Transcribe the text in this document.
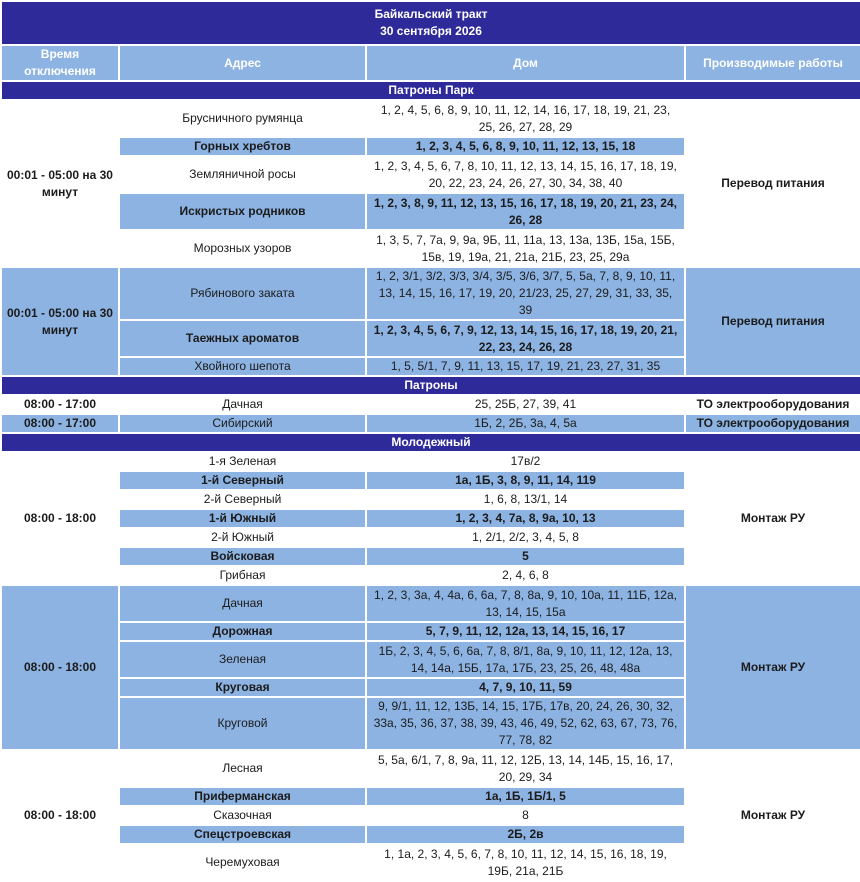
Байкальский тракт
30 сентября 2026			

Время отключения	Адрес	Дом	Производимые работы
Патроны Парк			
00:01 - 05:00 на 30 минут	Брусничного румянца	1, 2, 4, 5, 6, 8, 9, 10, 11, 12, 14, 16, 17, 18, 19, 21, 23, 25, 26, 27, 28, 29	Перевод питания
	Горных хребтов	1, 2, 3, 4, 5, 6, 8, 9, 10, 11, 12, 13, 15, 18	
	Земляничной росы	1, 2, 3, 4, 5, 6, 7, 8, 10, 11, 12, 13, 14, 15, 16, 17, 18, 19, 20, 22, 23, 24, 26, 27, 30, 34, 38, 40	
	Искристых родников	1, 2, 3, 8, 9, 11, 12, 13, 15, 16, 17, 18, 19, 20, 21, 23, 24, 26, 28	
	Морозных узоров	1, 3, 5, 7, 7а, 9, 9а, 9Б, 11, 11а, 13, 13а, 13Б, 15а, 15Б, 15в, 19, 19а, 21, 21а, 21Б, 23, 25, 29а	
00:01 - 05:00 на 30 минут	Рябинового заката	1, 2, 3/1, 3/2, 3/3, 3/4, 3/5, 3/6, 3/7, 5, 5а, 7, 8, 9, 10, 11, 13, 14, 15, 16, 17, 19, 20, 21/23, 25, 27, 29, 31, 33, 35, 39	Перевод питания
	Таежных ароматов	1, 2, 3, 4, 5, 6, 7, 9, 12, 13, 14, 15, 16, 17, 18, 19, 20, 21, 22, 23, 24, 26, 28	
	Хвойного шепота	1, 5, 5/1, 7, 9, 11, 13, 15, 17, 19, 21, 23, 27, 31, 35	
Патроны			
08:00 - 17:00	Дачная	25, 25Б, 27, 39, 41	ТО электрооборудования
08:00 - 17:00	Сибирский	1Б, 2, 2Б, 3а, 4, 5а	ТО электрооборудования
Молодежный			
08:00 - 18:00	1-я Зеленая	17в/2	Монтаж РУ
	1-й Северный	1а, 1Б, 3, 8, 9, 11, 14, 119	
	2-й Северный	1, 6, 8, 13/1, 14	
	1-й Южный	1, 2, 3, 4, 7а, 8, 9а, 10, 13	
	2-й Южный	1, 2/1, 2/2, 3, 4, 5, 8	
	Войсковая	5	
	Грибная	2, 4, 6, 8	
08:00 - 18:00	Дачная	1, 2, 3, 3а, 4, 4а, 6, 6а, 7, 8, 8а, 9, 10, 10а, 11, 11Б, 12а, 13, 14, 15, 15а	Монтаж РУ
	Дорожная	5, 7, 9, 11, 12, 12а, 13, 14, 15, 16, 17	
	Зеленая	1Б, 2, 3, 4, 5, 6, 6а, 7, 8, 8/1, 8а, 9, 10, 11, 12, 12а, 13, 14, 14а, 15Б, 17а, 17Б, 23, 25, 26, 48, 48а	
	Круговая	4, 7, 9, 10, 11, 59	
	Круговой	9, 9/1, 11, 12, 13Б, 14, 15, 17Б, 17в, 20, 24, 26, 30, 32, 33а, 35, 36, 37, 38, 39, 43, 46, 49, 52, 62, 63, 67, 73, 76, 77, 78, 82	
08:00 - 18:00	Лесная	5, 5а, 6/1, 7, 8, 9а, 11, 12, 12Б, 13, 14, 14Б, 15, 16, 17, 20, 29, 34	Монтаж РУ
	Приферманская	1а, 1Б, 1Б/1, 5	
	Сказочная	8	
	Спецстроевская	2Б, 2в	
	Черемуховая	1, 1а, 2, 3, 4, 5, 6, 7, 8, 10, 11, 12, 14, 15, 16, 18, 19, 19Б, 21а, 21Б	
